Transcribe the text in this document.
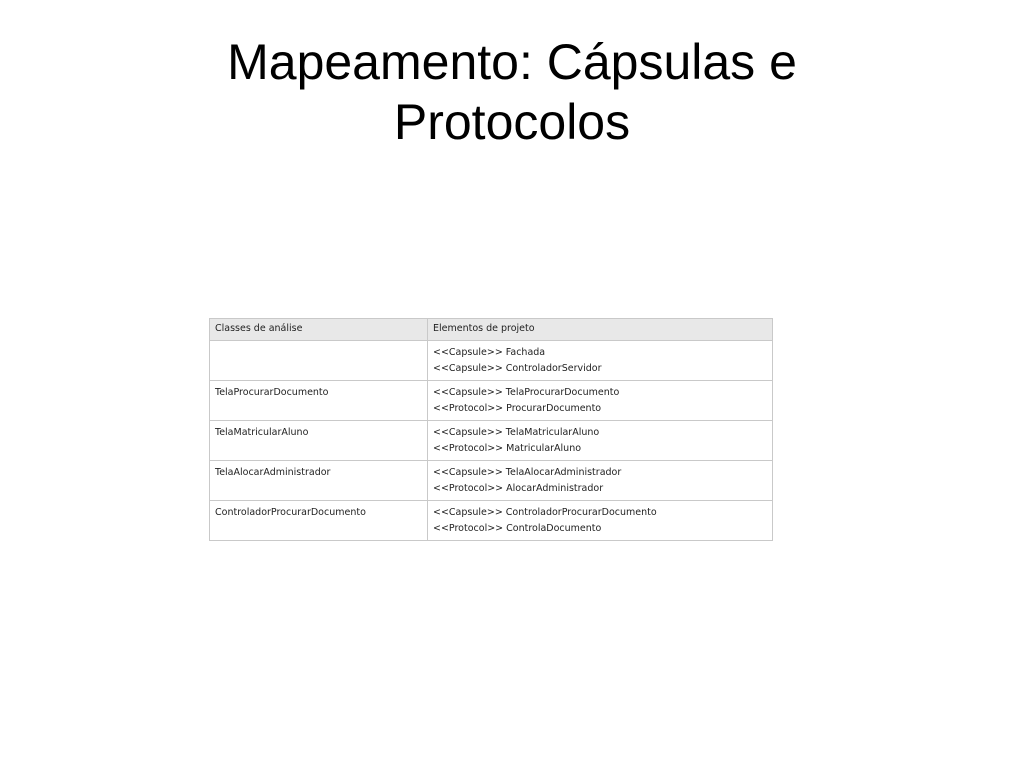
Mapeamento: Cápsulas e
Protocolos
Classes de análise	Elementos de projeto

	<<Capsule>> Fachada
<<Capsule>> ControladorServidor

TelaProcurarDocumento	<<Capsule>> TelaProcurarDocumento
<<Protocol>> ProcurarDocumento

TelaMatricularAluno	<<Capsule>> TelaMatricularAluno
<<Protocol>> MatricularAluno

TelaAlocarAdministrador	<<Capsule>> TelaAlocarAdministrador
<<Protocol>> AlocarAdministrador

ControladorProcurarDocumento	<<Capsule>> ControladorProcurarDocumento
<<Protocol>> ControlaDocumento
